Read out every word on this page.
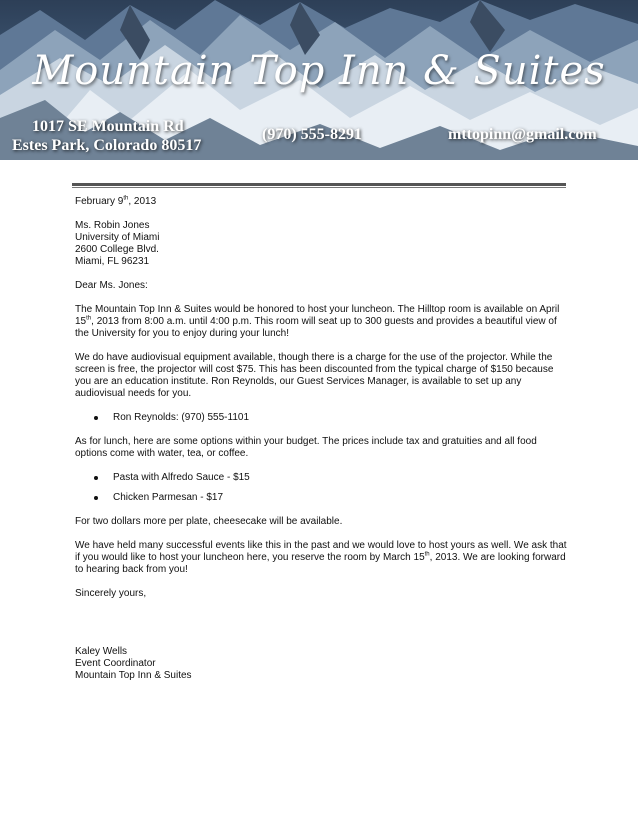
Mountain Top Inn & Suites
1017 SE Mountain Rd
Estes Park, Colorado 80517
(970) 555-8291	mttopinn@gmail.com

February 9th, 2013

Ms. Robin Jones
University of Miami
2600 College Blvd.
Miami, FL 96231

Dear Ms. Jones:

The Mountain Top Inn & Suites would be honored to host your luncheon. The Hilltop room is available on April 15th, 2013 from 8:00 a.m. until 4:00 p.m. This room will seat up to 300 guests and provides a beautiful view of the University for you to enjoy during your lunch!

We do have audiovisual equipment available, though there is a charge for the use of the projector. While the screen is free, the projector will cost $75. This has been discounted from the typical charge of $150 because you are an education institute. Ron Reynolds, our Guest Services Manager, is available to set up any audiovisual needs for you.

Ron Reynolds: (970) 555-1101

As for lunch, here are some options within your budget. The prices include tax and gratuities and all food options come with water, tea, or coffee.

Pasta with Alfredo Sauce - $15
Chicken Parmesan - $17

For two dollars more per plate, cheesecake will be available.

We have held many successful events like this in the past and we would love to host yours as well. We ask that if you would like to host your luncheon here, you reserve the room by March 15th, 2013. We are looking forward to hearing back from you!

Sincerely yours,

Kaley Wells
Event Coordinator
Mountain Top Inn & Suites
